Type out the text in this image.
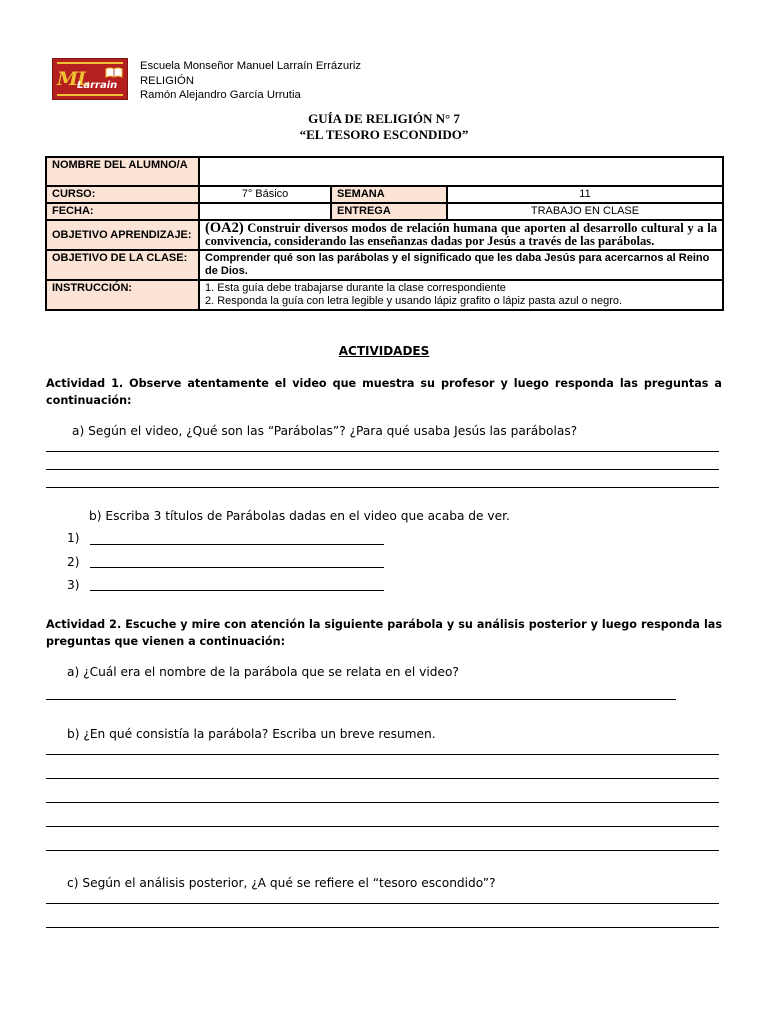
ML
Larrain
Escuela Monseñor Manuel Larraín Errázuriz
RELIGIÓN
Ramón Alejandro García Urrutia
GUÍA DE RELIGIÓN N° 7
“EL TESORO ESCONDIDO”
NOMBRE DEL ALUMNO/A			
CURSO:	7° Básico	SEMANA	11
FECHA:		ENTREGA	TRABAJO EN CLASE
OBJETIVO APRENDIZAJE:	(OA2) Construir diversos modos de relación humana que aporten al desarrollo cultural y a la convivencia, considerando las enseñanzas dadas por Jesús a través de las parábolas.		
OBJETIVO DE LA CLASE:	Comprender qué son las parábolas y el significado que les daba Jesús para acercarnos al Reino de Dios.		
INSTRUCCIÓN:	1. Esta guía debe trabajarse durante la clase correspondiente
2. Responda la guía con letra legible y usando lápiz grafito o lápiz pasta azul o negro.		
ACTIVIDADES
Actividad 1. Observe atentamente el video que muestra su profesor y luego responda las preguntas a continuación:
a) Según el video, ¿Qué son las “Parábolas”? ¿Para qué usaba Jesús las parábolas?
b) Escriba 3 títulos de Parábolas dadas en el video que acaba de ver.
1)
2)
3)
Actividad 2. Escuche y mire con atención la siguiente parábola y su análisis posterior y luego responda las preguntas que vienen a continuación:
a) ¿Cuál era el nombre de la parábola que se relata en el video?
b) ¿En qué consistía la parábola? Escriba un breve resumen.
c) Según el análisis posterior, ¿A qué se refiere el “tesoro escondido”?
